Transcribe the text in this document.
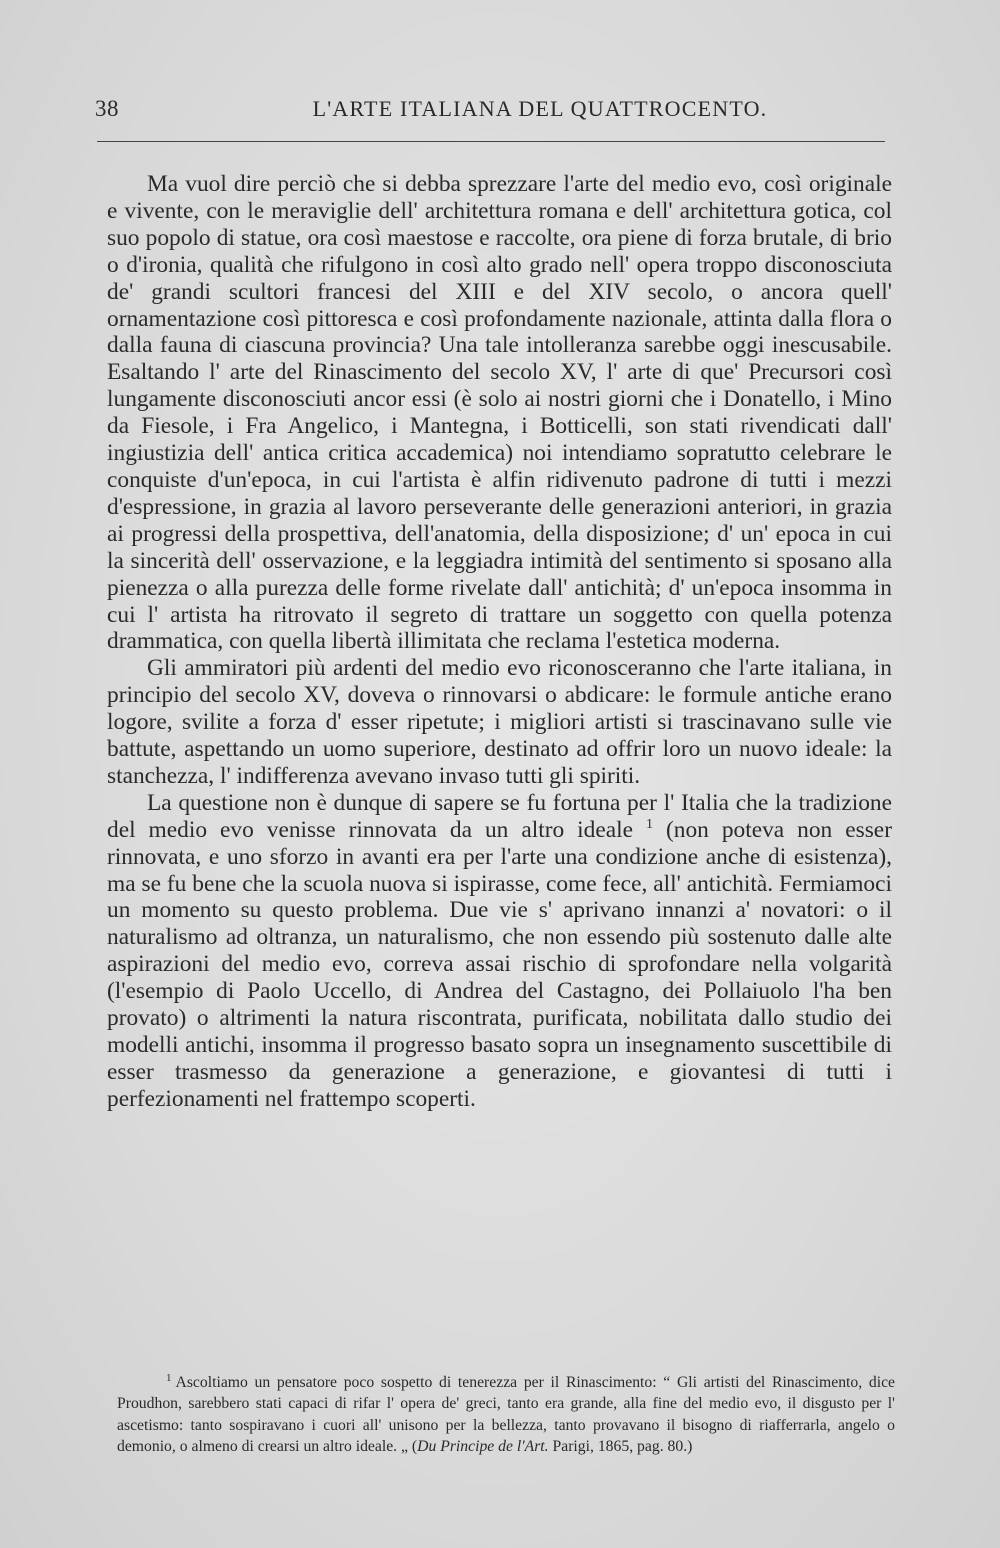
38	L'ARTE ITALIANA DEL QUATTROCENTO.

Ma vuol dire perciò che si debba sprezzare l'arte del medio evo, così originale e vivente, con le meraviglie dell' architettura romana e dell' architettura gotica, col suo popolo di statue, ora così maestose e raccolte, ora piene di forza brutale, di brio o d'ironia, qualità che rifulgono in così alto grado nell' opera troppo disconosciuta de' grandi scultori francesi del XIII e del XIV secolo, o ancora quell' ornamentazione così pittoresca e così profondamente nazionale, attinta dalla flora o dalla fauna di ciascuna provincia? Una tale intolleranza sarebbe oggi inescusabile. Esaltando l' arte del Rinascimento del secolo XV, l' arte di que' Precursori così lungamente disconosciuti ancor essi (è solo ai nostri giorni che i Donatello, i Mino da Fiesole, i Fra Angelico, i Mantegna, i Botticelli, son stati rivendicati dall' ingiustizia dell' antica critica accademica) noi intendiamo sopratutto celebrare le conquiste d'un'epoca, in cui l'artista è alfin ridivenuto padrone di tutti i mezzi d'espressione, in grazia al lavoro perseverante delle generazioni anteriori, in grazia ai progressi della prospettiva, dell'anatomia, della disposizione; d' un' epoca in cui la sincerità dell' osservazione, e la leggiadra intimità del sentimento si sposano alla pienezza o alla purezza delle forme rivelate dall' antichità; d' un'epoca insomma in cui l' artista ha ritrovato il segreto di trattare un soggetto con quella potenza drammatica, con quella libertà illimitata che reclama l'estetica moderna.

Gli ammiratori più ardenti del medio evo riconosceranno che l'arte italiana, in principio del secolo XV, doveva o rinnovarsi o abdicare: le formule antiche erano logore, svilite a forza d' esser ripetute; i migliori artisti si trascinavano sulle vie battute, aspettando un uomo superiore, destinato ad offrir loro un nuovo ideale: la stanchezza, l' indifferenza avevano invaso tutti gli spiriti.

La questione non è dunque di sapere se fu fortuna per l' Italia che la tradizione del medio evo venisse rinnovata da un altro ideale $^1$ (non poteva non esser rinnovata, e uno sforzo in avanti era per l'arte una condizione anche di esistenza), ma se fu bene che la scuola nuova si ispirasse, come fece, all' antichità. Fermiamoci un momento su questo problema. Due vie s' aprivano innanzi a' novatori: o il naturalismo ad oltranza, un naturalismo, che non essendo più sostenuto dalle alte aspirazioni del medio evo, correva assai rischio di sprofondare nella volgarità (l'esempio di Paolo Uccello, di Andrea del Castagno, dei Pollaiuolo l'ha ben provato) o altrimenti la natura riscontrata, purificata, nobilitata dallo studio dei modelli antichi, insomma il progresso basato sopra un insegnamento suscettibile di esser trasmesso da generazione a generazione, e giovantesi di tutti i perfezionamenti nel frattempo scoperti.

$^1$ Ascoltiamo un pensatore poco sospetto di tenerezza per il Rinascimento: “ Gli artisti del Rinascimento, dice Proudhon, sarebbero stati capaci di rifar l' opera de' greci, tanto era grande, alla fine del medio evo, il disgusto per l' ascetismo: tanto sospiravano i cuori all' unisono per la bellezza, tanto provavano il bisogno di riafferrarla, angelo o demonio, o almeno di crearsi un altro ideale. „ (Du Principe de l'Art. Parigi, 1865, pag. 80.)
